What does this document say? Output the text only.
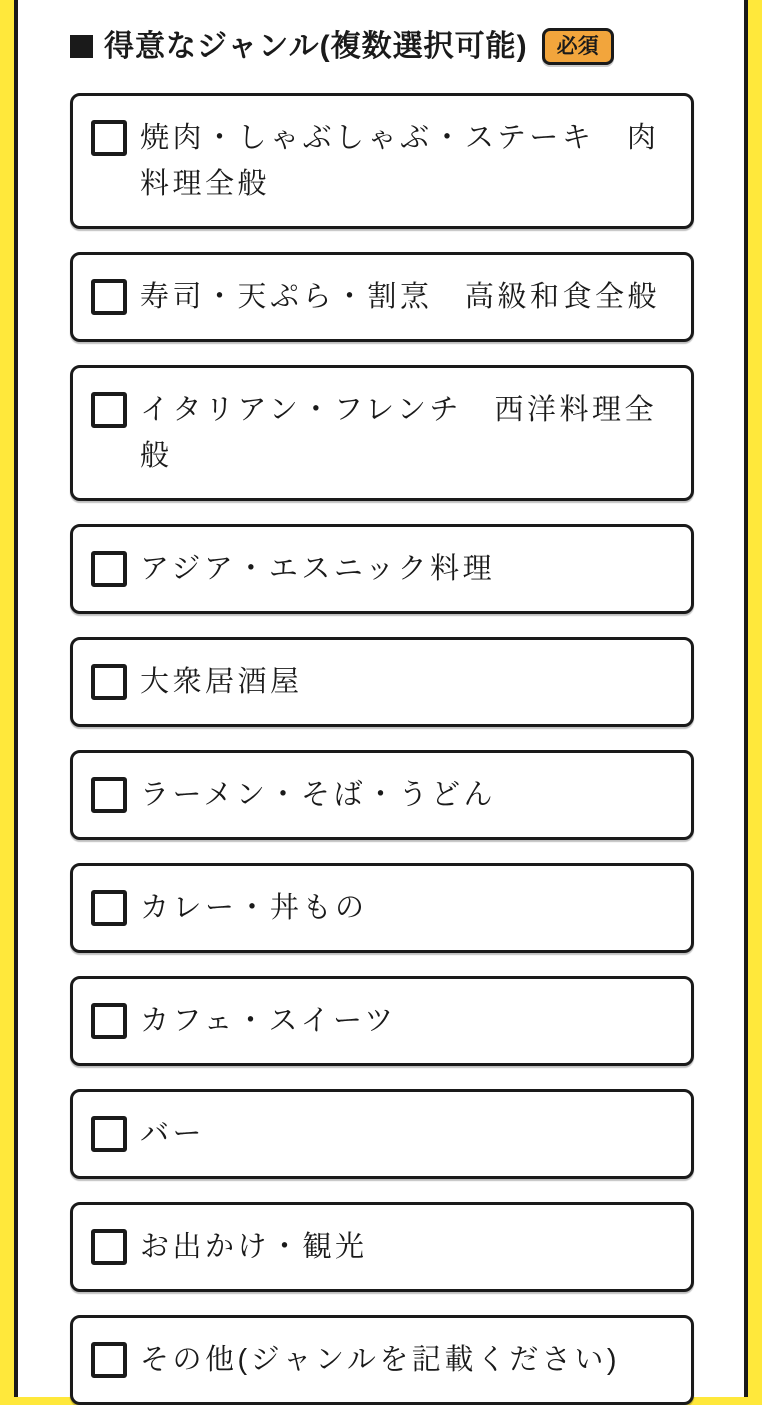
得意なジャンル(複数選択可能)	必須
焼肉・しゃぶしゃぶ・ステーキ　肉料理全般
寿司・天ぷら・割烹　高級和食全般
イタリアン・フレンチ　西洋料理全般
アジア・エスニック料理
大衆居酒屋
ラーメン・そば・うどん
カレー・丼もの
カフェ・スイーツ
バー
お出かけ・観光
その他(ジャンルを記載ください)
